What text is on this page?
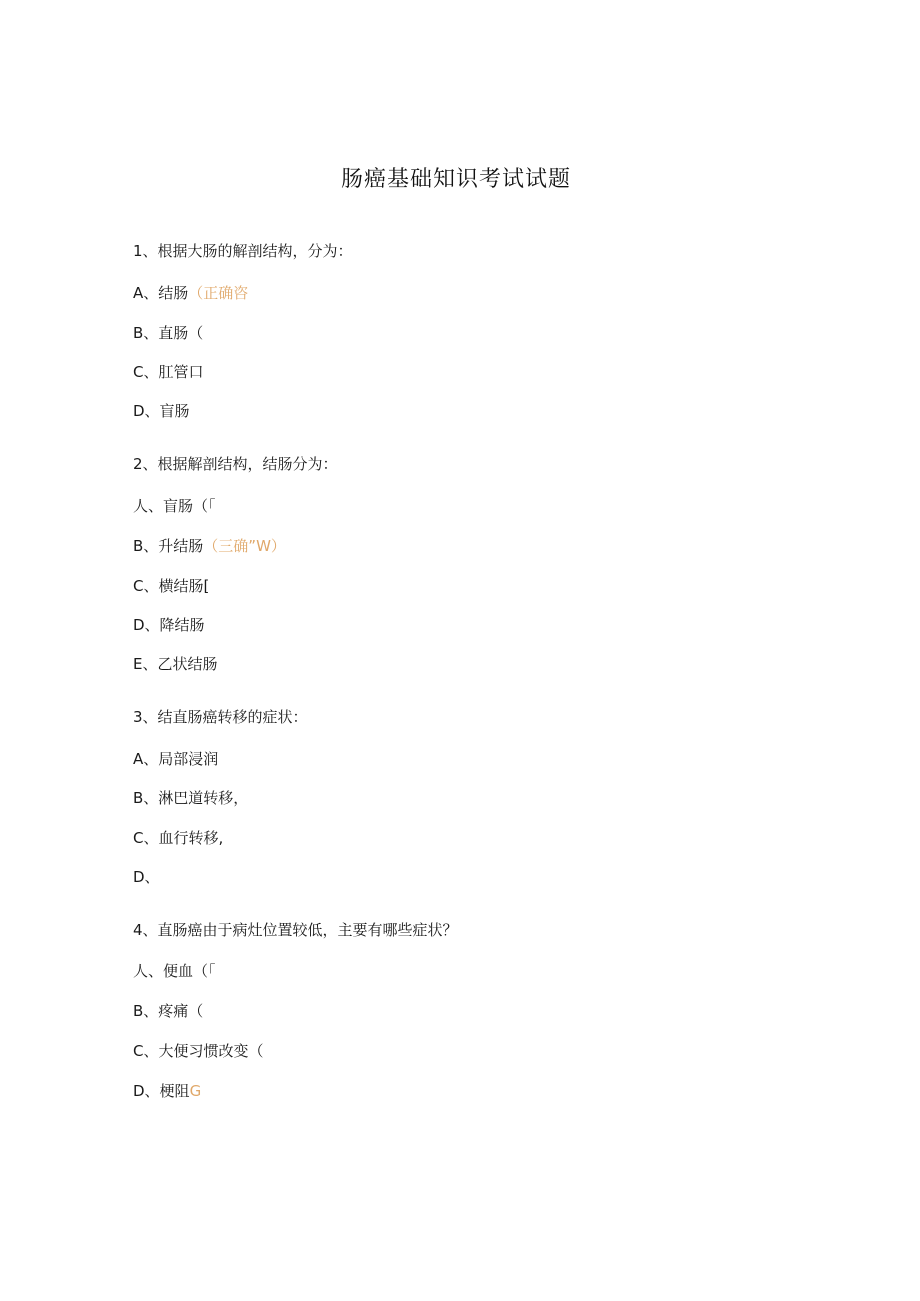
肠癌基础知识考试试题
1、根据大肠的解剖结构，分为：
A、结肠（正确咨
B、直肠（
C、肛管口
D、盲肠
2、根据解剖结构，结肠分为：
人、盲肠（「
B、升结肠（三确”W）
C、横结肠[
D、降结肠
E、乙状结肠
3、结直肠癌转移的症状：
A、局部浸润
B、淋巴道转移，
C、血行转移,
D、
4、直肠癌由于病灶位置较低，主要有哪些症状？
人、便血（「
B、疼痛（
C、大便习惯改变（
D、梗阻G
